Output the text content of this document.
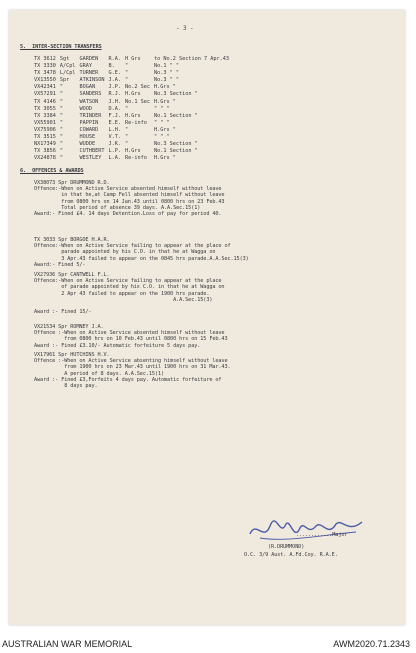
- 3 -
5.  INTER-SECTION TRANSFERS
TX 3612	Sgt	GARDEN	R.A.	H Grs	to No.2 Section 7 Apr.43
TX 3330	A/Cpl	GRAY	B.	"	No.1 " "
TX 3478	L/Cpl	TURNER	G.E.	"	No.3 " "
VX13550	Spr	ATKINSON	J.A.	"	No.3 " "
VX42341	"	BOGAN	J.P.	No.2 Sec	H.Grs "
VX57291	"	SANDERS	R.J.	H.Grs	No.3 Section "
TX 4146	"	WATSON	J.H.	No.1 Sec	H.Grs "
TX 3055	"	WOOD	D.A.	"	" " "
TX 3384	"	TRINDER	F.J.	H.Grs	No.1 Section "
VX55901	"	PAPPIN	E.E.	Re-info	" " "
VX75906	"	COWARD	L.H.	"	H.Grs "
TX 3515	"	HOUSE	V.T.	"	" " "
NX17349	"	WUDDE	J.K.	"	No.3 Section "
TX 3856	"	CUTHBERT	L.P.	H.Grs	No.1 Section "
VX24878	"	WESTLEY	L.A.	Re-info	H.Grs "
6.  OFFENCES & AWARDS
VX38073 Spr DRUMMOND R.D.
Offence:-When on Active Service absented himself without leave
in that he,at Camp Fell absented himself without leave
from 0800 hrs on 14 Jan.43 until 0800 hrs on 23 Feb.43
Total period of absence 39 days. A.A.Sec.15(1)
Award:- Fined £4. 14 days Detention.Loss of pay for period 40.
TX 3033 Spr BORGOE H.A.R.
Offence:-When on Active Service failing to appear at the place of
parade appointed by his C.O. in that he at Wagga on
3 Apr.43 failed to appear on the 0845 hrs parade.A.A.Sec.15(3)
Award:- Fined 5/-
VX27936 Spr CANTWELL F.L.
Offence:-When on Active Service failing to appear at the place
of parade appointed by his C.O. in that he at Wagga on
2 Apr 43 failed to appear on the 1900 hrs parade.
A.A.Sec.15(3)
Award :- Fined 15/-
VX21534 Spr ROMNEY J.A.
Offence :-When on Active Service absented himself without leave
from 0800 hrs on 10 Feb.43 until 0800 hrs on 15 Feb.43
Award :- Fined £3.10/- Automatic forfeiture 5 days pay.
VX17961 Spr HUTCHINS H.V.
Offence :-When on Active Service absenting himself without leave
from 1900 hrs on 23 Mar.43 until 1900 hrs on 31 Mar.43.
A period of 8 days. A.A.Sec.15(1)
Award :- Fined £3,Forfeits 4 days pay. Automatic forfeiture of
8 days pay.
............Major
(R.DRUMMOND)
O.C. 3/9 Aust. A.Fd.Coy. R.A.E.
AUSTRALIAN WAR MEMORIAL	AWM2020.71.2343
